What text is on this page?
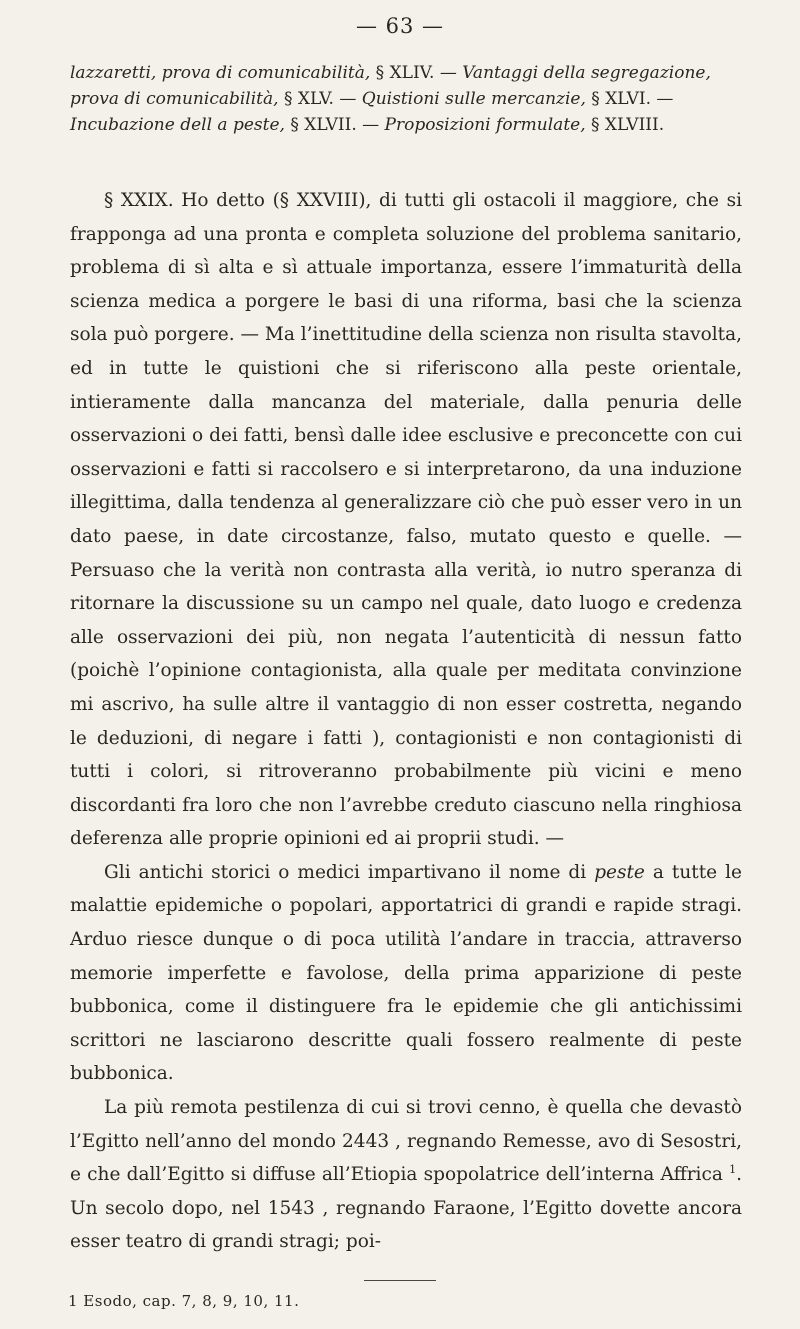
— 63 —
lazzaretti, prova di comunicabilità, § XLIV. — Vantaggi della segregazione, prova di comunicabilità, § XLV. — Quistioni sulle mercanzie, § XLVI. — Incubazione dell a peste, § XLVII. — Proposizioni formulate, § XLVIII.

§ XXIX. Ho detto (§ XXVIII), di tutti gli ostacoli il maggiore, che si frapponga ad una pronta e completa soluzione del problema sanitario, problema di sì alta e sì attuale importanza, essere l’immaturità della scienza medica a porgere le basi di una riforma, basi che la scienza sola può porgere. — Ma l’inettitudine della scienza non risulta stavolta, ed in tutte le quistioni che si riferiscono alla peste orientale, intieramente dalla mancanza del materiale, dalla penuria delle osservazioni o dei fatti, bensì dalle idee esclusive e preconcette con cui osservazioni e fatti si raccolsero e si interpretarono, da una induzione illegittima, dalla tendenza al generalizzare ciò che può esser vero in un dato paese, in date circostanze, falso, mutato questo e quelle. — Persuaso che la verità non contrasta alla verità, io nutro speranza di ritornare la discussione su un campo nel quale, dato luogo e credenza alle osservazioni dei più, non negata l’autenticità di nessun fatto (poichè l’opinione contagionista, alla quale per meditata convinzione mi ascrivo, ha sulle altre il vantaggio di non esser costretta, negando le deduzioni, di negare i fatti ), contagionisti e non contagionisti di tutti i colori, si ritroveranno probabilmente più vicini e meno discordanti fra loro che non l’avrebbe creduto ciascuno nella ringhiosa deferenza alle proprie opinioni ed ai proprii studi. —

Gli antichi storici o medici impartivano il nome di peste a tutte le malattie epidemiche o popolari, apportatrici di grandi e rapide stragi. Arduo riesce dunque o di poca utilità l’andare in traccia, attraverso memorie imperfette e favolose, della prima apparizione di peste bubbonica, come il distinguere fra le epidemie che gli antichissimi scrittori ne lasciarono descritte quali fossero realmente di peste bubbonica.

La più remota pestilenza di cui si trovi cenno, è quella che devastò l’Egitto nell’anno del mondo 2443 , regnando Remesse, avo di Sesostri, e che dall’Egitto si diffuse all’Etiopia spopolatrice dell’interna Affrica $^1$. Un secolo dopo, nel 1543 , regnando Faraone, l’Egitto dovette ancora esser teatro di grandi stragi; poi-

1 Esodo, cap. 7, 8, 9, 10, 11.
